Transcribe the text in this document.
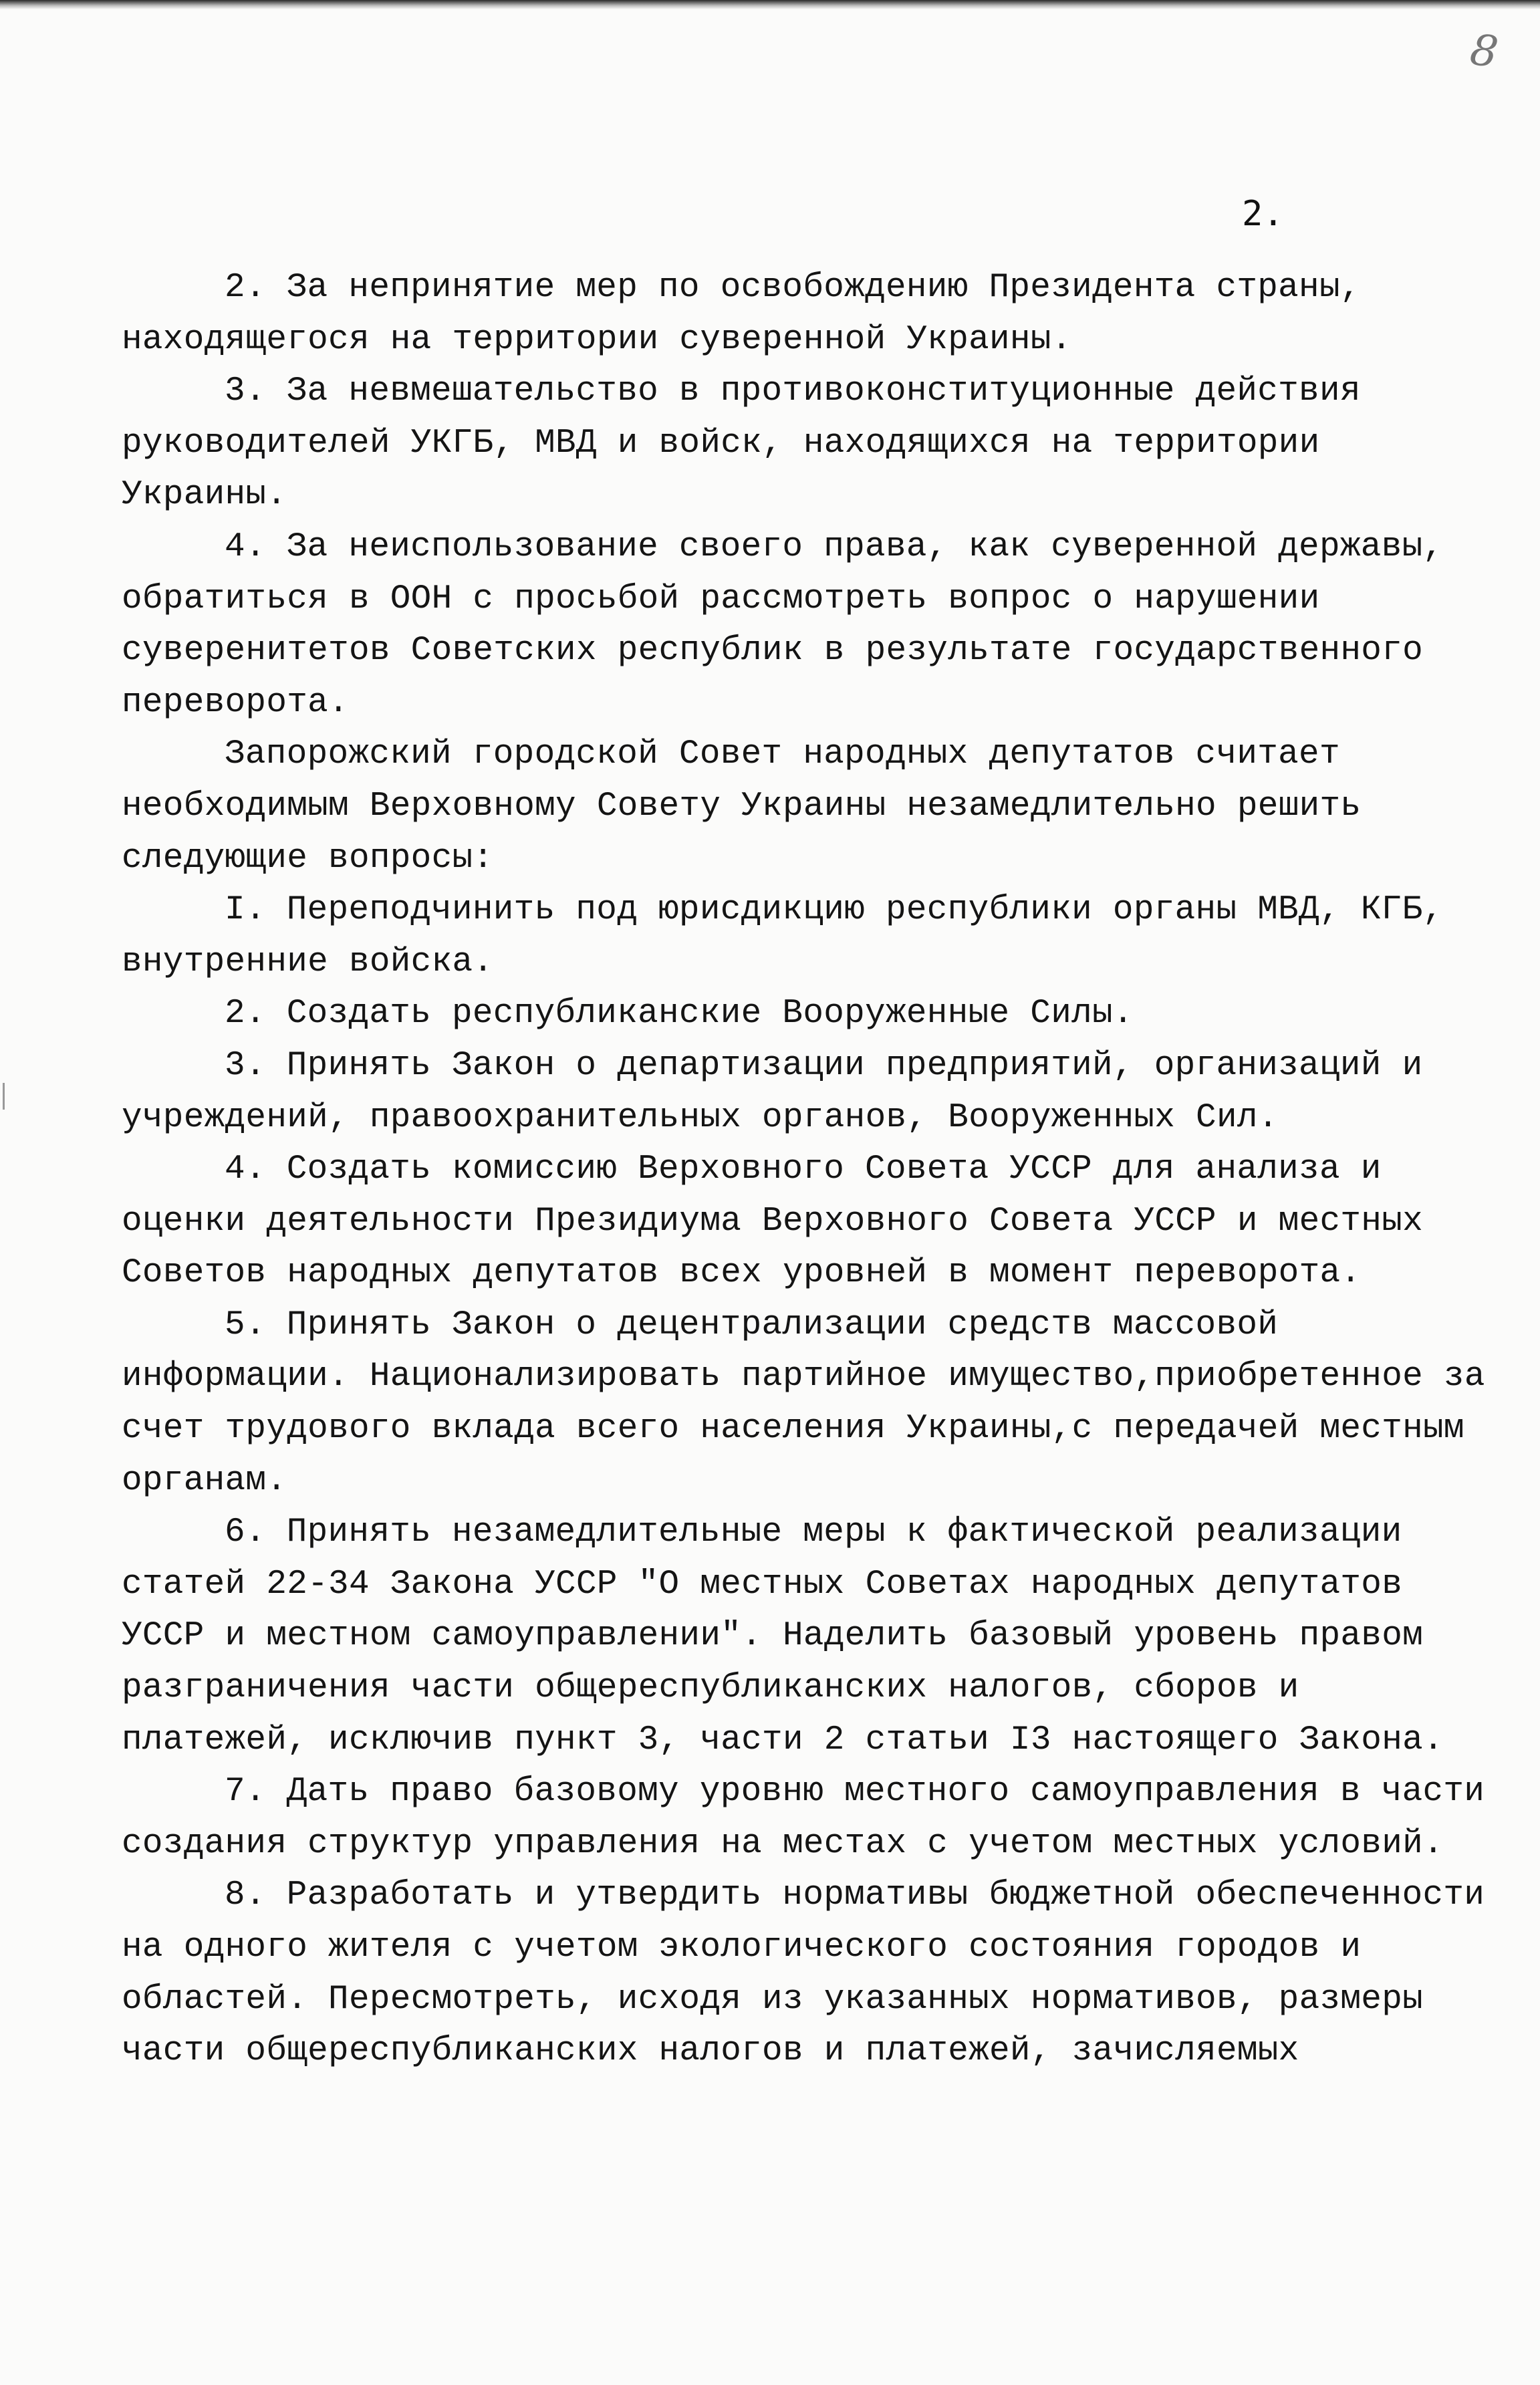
8
2.

2. За непринятие мер по освобождению Президента страны, находящегося на территории суверенной Украины.

3. За невмешательство в противоконституционные действия руководителей УКГБ, МВД и войск, находящихся на территории Украины.

4. За неиспользование своего права, как суверенной державы, обратиться в ООН с просьбой рассмотреть вопрос о нарушении суверенитетов Советских республик в результате государственного переворота.

Запорожский городской Совет народных депутатов считает необходимым Верховному Совету Украины незамедлительно решить следующие вопросы:

I. Переподчинить под юрисдикцию республики органы МВД, КГБ, внутренние войска.

2. Создать республиканские Вооруженные Силы.

3. Принять Закон о департизации предприятий, организаций и учреждений, правоохранительных органов, Вооруженных Сил.

4. Создать комиссию Верховного Совета УССР для анализа и оценки деятельности Президиума Верховного Совета УССР и местных Советов народных депутатов всех уровней в момент переворота.

5. Принять Закон о децентрализации средств массовой информации. Национализировать партийное имущество,приобретенное за счет трудового вклада всего населения Украины,с передачей местным органам.

6. Принять незамедлительные меры к фактической реализации статей 22-34 Закона УССР "О местных Советах народных депутатов УССР и местном самоуправлении". Наделить базовый уровень правом разграничения части общереспубликанских налогов, сборов и платежей, исключив пункт 3, части 2 статьи I3 настоящего Закона.

7. Дать право базовому уровню местного самоуправления в части создания структур управления на местах с учетом местных условий.

8. Разработать и утвердить нормативы бюджетной обеспеченности на одного жителя с учетом экологического состояния городов и областей. Пересмотреть, исходя из указанных нормативов, размеры части общереспубликанских налогов и платежей, зачисляемых
